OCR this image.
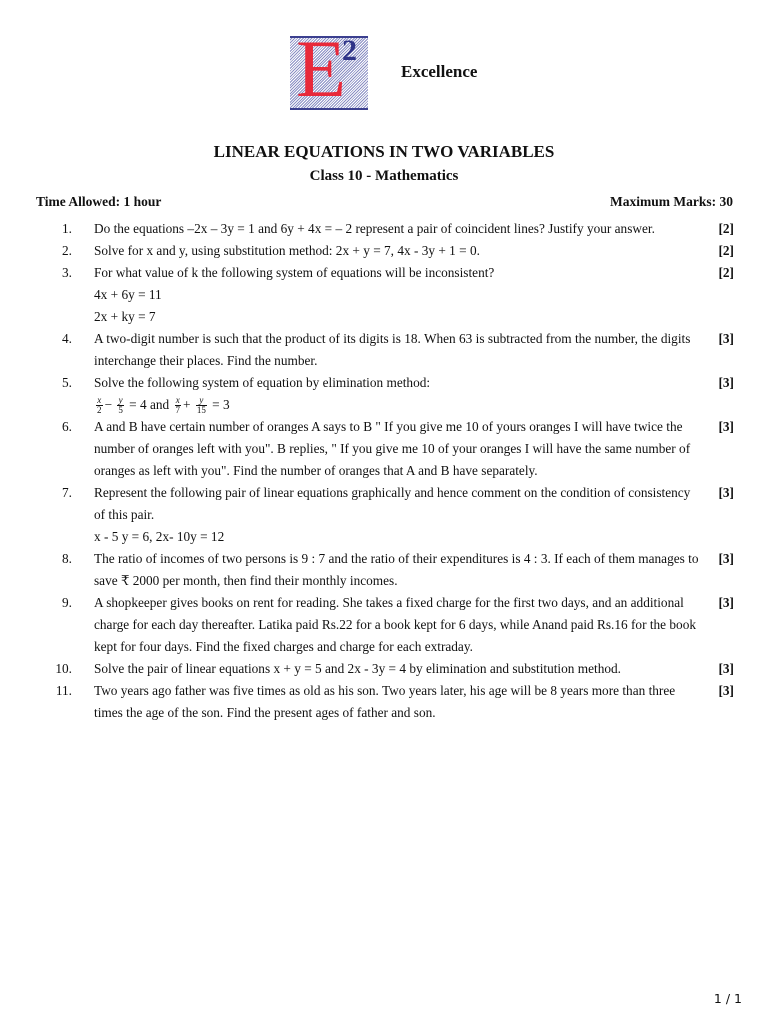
E
2
Excellence
LINEAR EQUATIONS IN TWO VARIABLES
Class 10 - Mathematics
Time Allowed: 1 hour	Maximum Marks: 30
1. Do the equations –2x – 3y = 1 and 6y + 4x = – 2 represent a pair of coincident lines? Justify your answer.	[2]
2. Solve for x and y, using substitution method: 2x + y = 7, 4x - 3y + 1 = 0.	[2]
3. For what value of k the following system of equations will be inconsistent?
4x + 6y = 11
2x + ky = 7
[2]
4. A two-digit number is such that the product of its digits is 18. When 63 is subtracted from the number, the digits interchange their places. Find the number.
[3]
5. Solve the following system of equation by elimination method:
$\frac{x}{2} - \frac{y}{5} = 4$ and $\frac{x}{7} + \frac{y}{15} = 3$
[3]
6. A and B have certain number of oranges A says to B " If you give me 10 of yours oranges I will have twice the number of oranges left with you". B replies, " If you give me 10 of your oranges I will have the same number of oranges as left with you". Find the number of oranges that A and B have separately.
[3]
7. Represent the following pair of linear equations graphically and hence comment on the condition of consistency of this pair.
x - 5 y = 6, 2x- 10y = 12
[3]
8. The ratio of incomes of two persons is 9 : 7 and the ratio of their expenditures is 4 : 3. If each of them manages to save ₹ 2000 per month, then find their monthly incomes.
[3]
9. A shopkeeper gives books on rent for reading. She takes a fixed charge for the first two days, and an additional charge for each day thereafter. Latika paid Rs.22 for a book kept for 6 days, while Anand paid Rs.16 for the book kept for four days. Find the fixed charges and charge for each extraday.
[3]
10. Solve the pair of linear equations x + y = 5 and 2x - 3y = 4 by elimination and substitution method.	[3]
11. Two years ago father was five times as old as his son. Two years later, his age will be 8 years more than three times the age of the son. Find the present ages of father and son.
[3]
1 / 1
